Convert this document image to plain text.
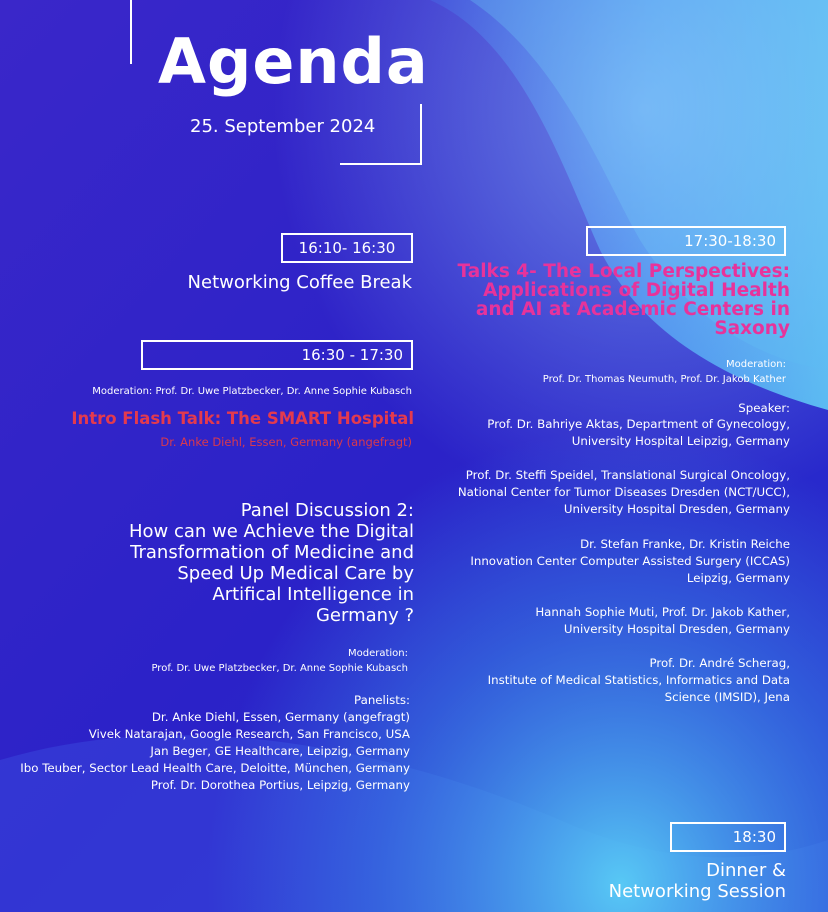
Agenda
25. September 2024
16:10- 16:30
Networking Coffee Break
16:30 - 17:30
Moderation: Prof. Dr. Uwe Platzbecker, Dr. Anne Sophie Kubasch
Intro Flash Talk: The SMART Hospital
Dr. Anke Diehl, Essen, Germany (angefragt)
Panel Discussion 2:
How can we Achieve the Digital
Transformation of Medicine and
Speed Up Medical Care by
Artifical Intelligence in
Germany ?
Moderation:
Prof. Dr. Uwe Platzbecker, Dr. Anne Sophie Kubasch
Panelists:
Dr. Anke Diehl, Essen, Germany (angefragt)
Vivek Natarajan, Google Research, San Francisco, USA
Jan Beger, GE Healthcare, Leipzig, Germany
Ibo Teuber, Sector Lead Health Care, Deloitte, München, Germany
Prof. Dr. Dorothea Portius, Leipzig, Germany
17:30-18:30
Talks 4- The Local Perspectives:
Applications of Digital Health
and AI at Academic Centers in
Saxony
Moderation:
Prof. Dr. Thomas Neumuth, Prof. Dr. Jakob Kather
Speaker:
Prof. Dr. Bahriye Aktas, Department of Gynecology,
University Hospital Leipzig, Germany
Prof. Dr. Steffi Speidel, Translational Surgical Oncology,
National Center for Tumor Diseases Dresden (NCT/UCC),
University Hospital Dresden, Germany
Dr. Stefan Franke, Dr. Kristin Reiche
Innovation Center Computer Assisted Surgery (ICCAS)
Leipzig, Germany
Hannah Sophie Muti, Prof. Dr. Jakob Kather,
University Hospital Dresden, Germany
Prof. Dr. André Scherag,
Institute of Medical Statistics, Informatics and Data
Science (IMSID), Jena
18:30
Dinner &
Networking Session
